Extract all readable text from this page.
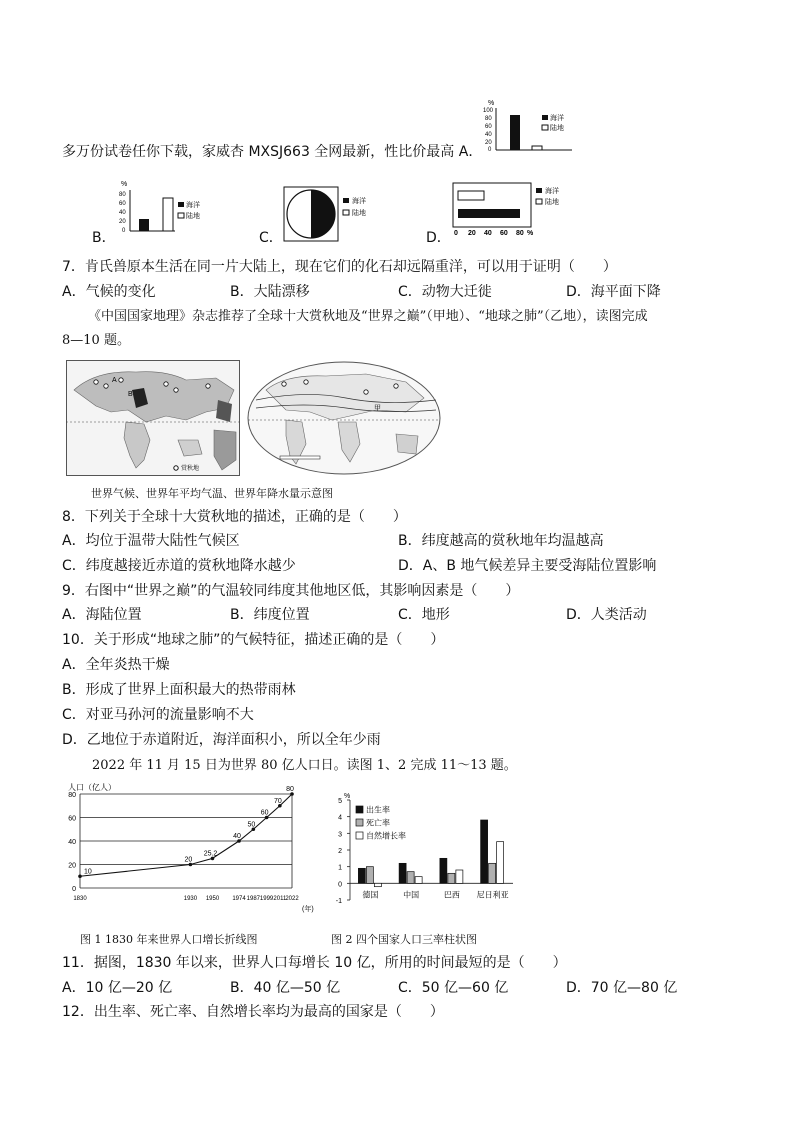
多万份试卷任你下载，家威杏 MXSJ663 全网最新，性比价最高 A．
%
100
80
60
40
20
0
海洋
陆地
B．
%
80
60
40
20
0
海洋
陆地
C．
海洋
陆地
D． 0 20 40 60 80 %
海洋
陆地
7．肯氏兽原本生活在同一片大陆上，现在它们的化石却远隔重洋，可以用于证明（　　）
A．气候的变化	B．大陆漂移	C．动物大迁徙	D．海平面下降
《中国国家地理》杂志推荐了全球十大赏秋地及“世界之巅”（甲地）、“地球之肺”（乙地），读图完成
8—10 题。
A
B
赏秋地
甲
世界气候、世界年平均气温、世界年降水量示意图
8．下列关于全球十大赏秋地的描述，正确的是（　　）
A．均位于温带大陆性气候区	B．纬度越高的赏秋地年均温越高
C．纬度越接近赤道的赏秋地降水越少	D．A、B 地气候差异主要受海陆位置影响
9．右图中“世界之巅”的气温较同纬度其他地区低，其影响因素是（　　）
A．海陆位置	B．纬度位置	C．地形	D．人类活动
10．关于形成“地球之肺”的气候特征，描述正确的是（　　）
A．全年炎热干燥
B．形成了世界上面积最大的热带雨林
C．对亚马孙河的流量影响不大
D．乙地位于赤道附近，海洋面积小，所以全年少雨
2022 年 11 月 15 日为世界 80 亿人口日。读图 1、2 完成 11～13 题。
人口（亿人）
(年)
0
20
40
60
80
1830	1930 1950 1974 1987 1999 2011 2022
10
20
25.2
40
50
60
70
80
%
5
4
3
2
1
0
-1
德国	中国	巴西 尼日利亚
出生率
死亡率
自然增长率
图 1 1830 年来世界人口增长折线图	图 2 四个国家人口三率柱状图
11．据图，1830 年以来，世界人口每增长 10 亿，所用的时间最短的是（　　）
A．10 亿—20 亿	B．40 亿—50 亿	C．50 亿—60 亿	D．70 亿—80 亿
12．出生率、死亡率、自然增长率均为最高的国家是（　　）
